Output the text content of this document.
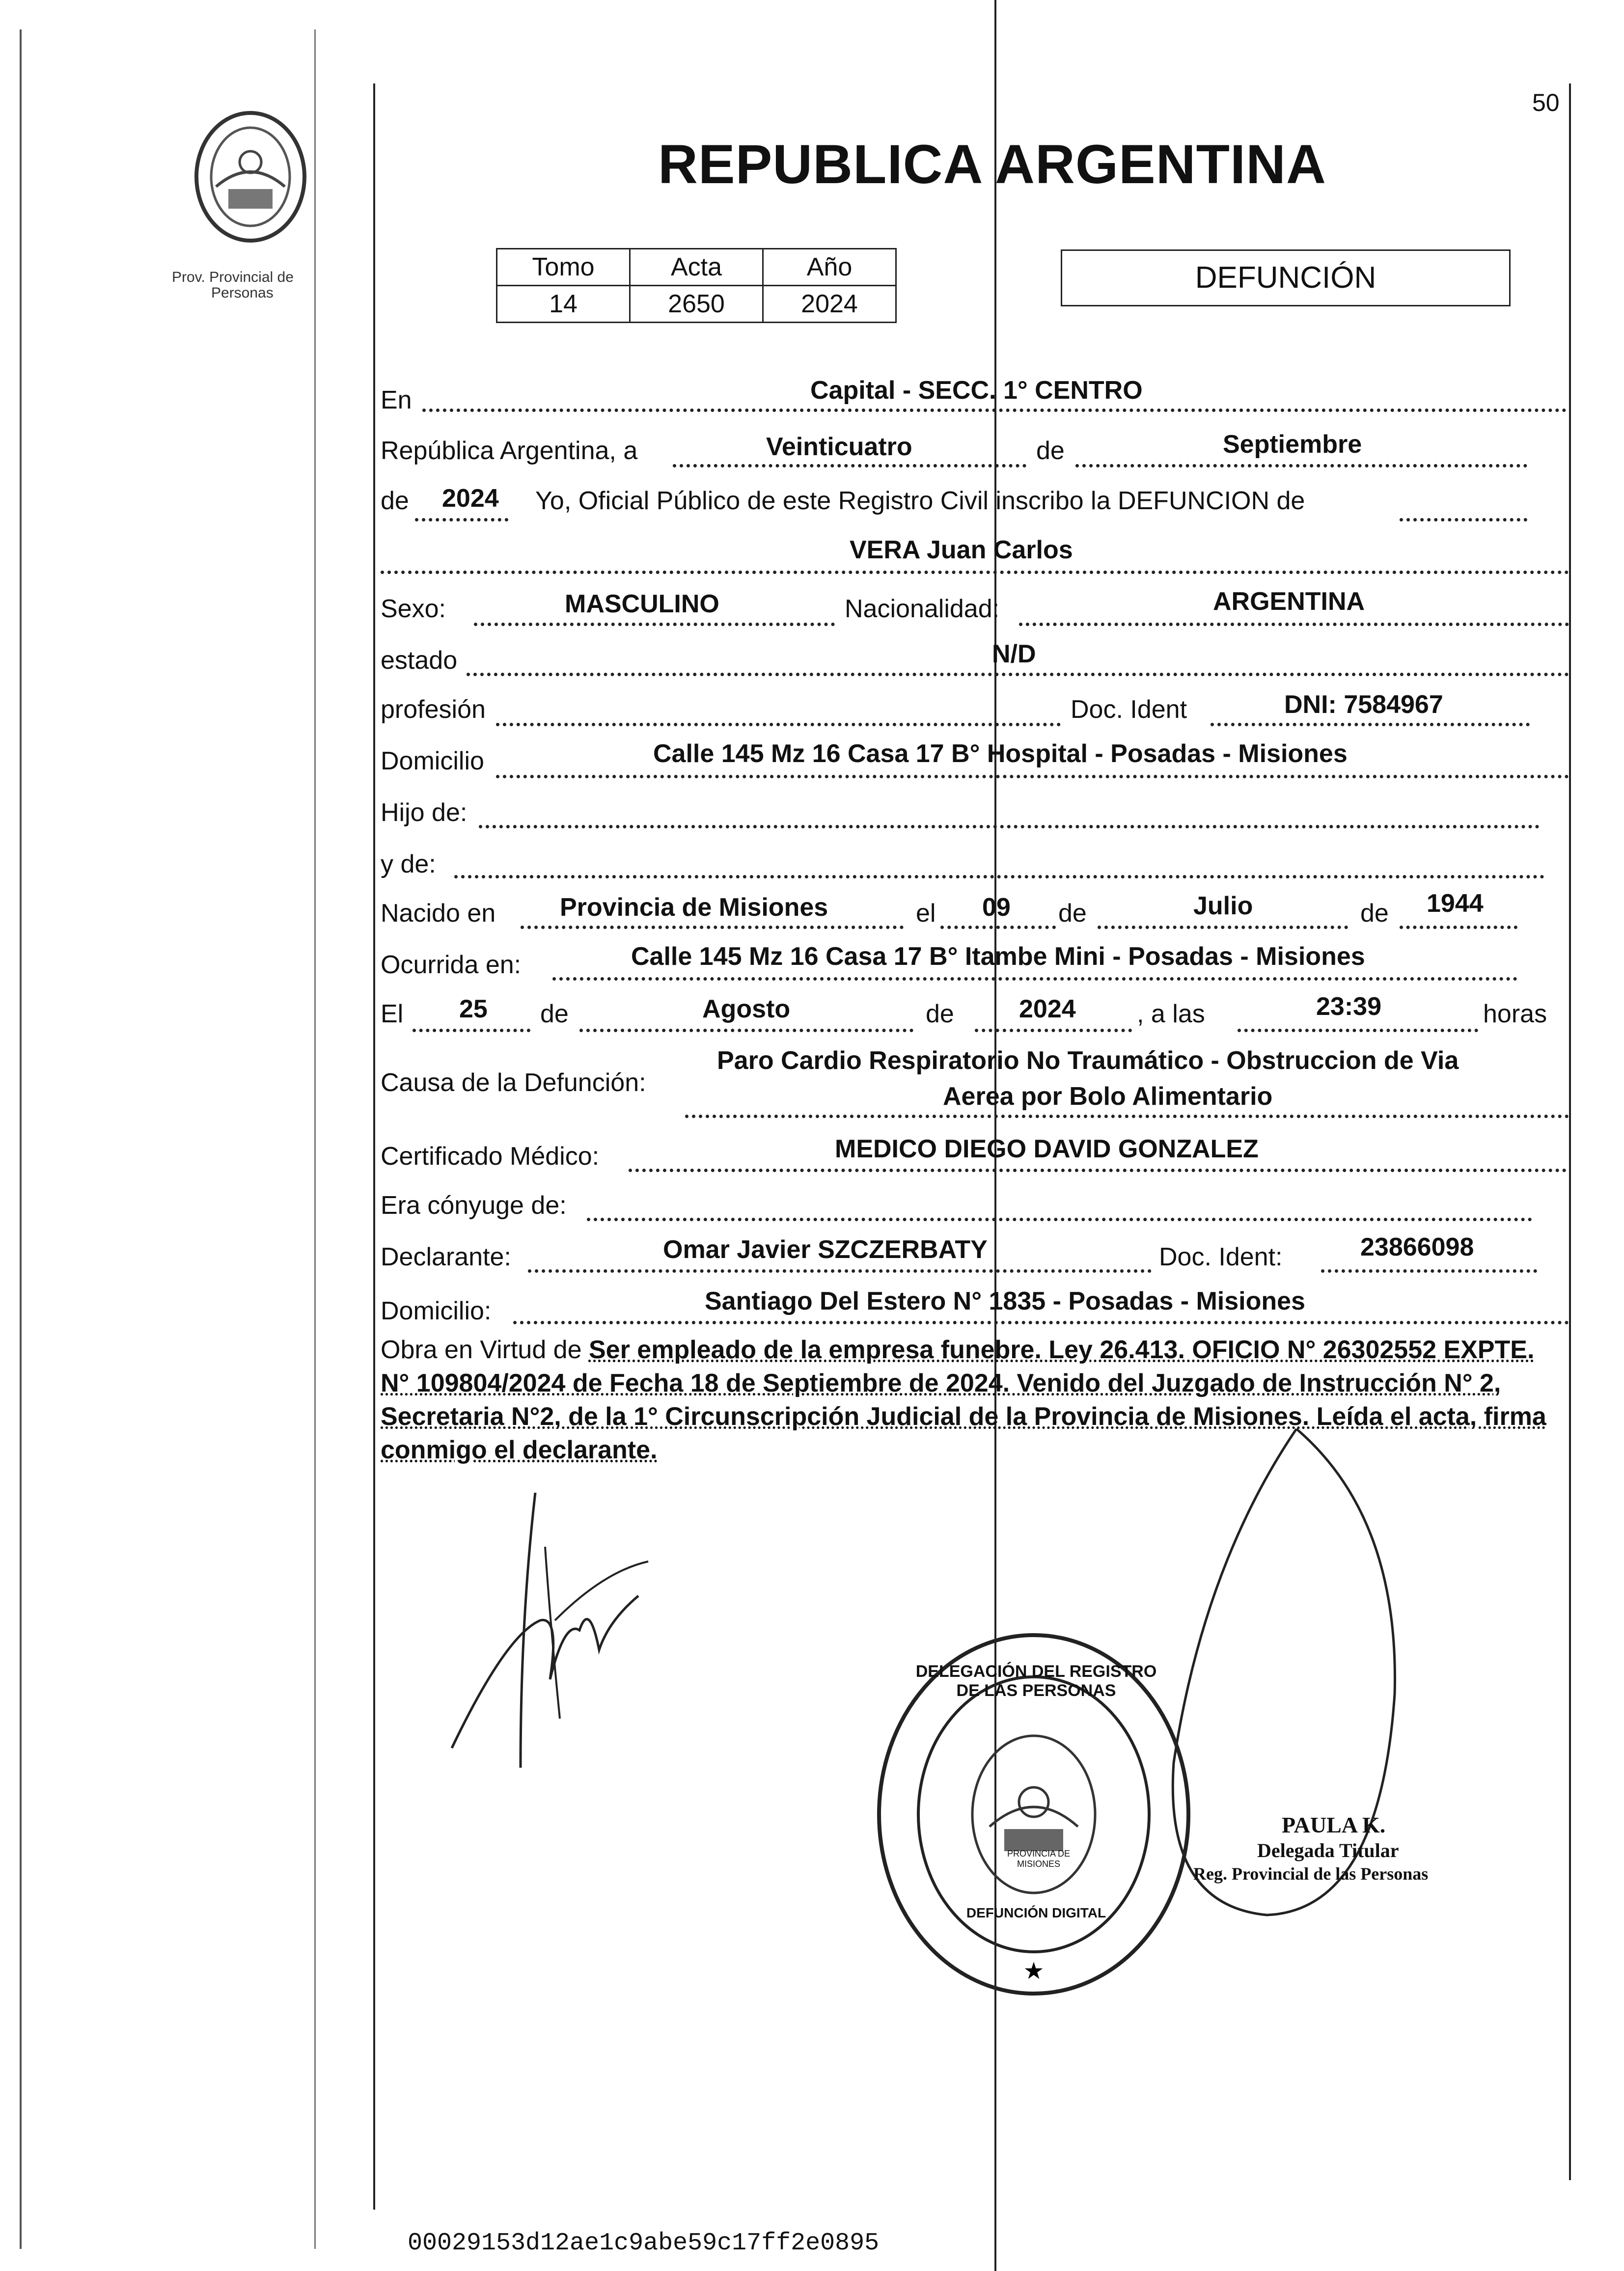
Prov. Provincial de
Personas
50
REPUBLICA ARGENTINA
Tomo	Acta	Año
14	2650	2024
DEFUNCIÓN
En	Capital - SECC. 1° CENTRO
República Argentina, a	Veinticuatro	de	Septiembre
de 2024 Yo, Oficial Público de este Registro Civil inscribo la DEFUNCION de
VERA Juan Carlos
Sexo:	MASCULINO	Nacionalidad:	ARGENTINA
estado	N/D
profesión	Doc. Ident	DNI: 7584967
Domicilio	Calle 145 Mz 16 Casa 17 B° Hospital - Posadas - Misiones
Hijo de:
y de:
Nacido en	Provincia de Misiones	el 09 de	Julio	de 1944
Ocurrida en:	Calle 145 Mz 16 Casa 17 B° Itambe Mini - Posadas - Misiones
El 25 de	Agosto	de	2024 , a las	23:39	horas
Causa de la Defunción:
Paro Cardio Respiratorio No Traumático - Obstruccion de Via
Aerea por Bolo Alimentario
Certificado Médico:	MEDICO DIEGO DAVID GONZALEZ
Era cónyuge de:
Declarante:	Omar Javier SZCZERBATY	Doc. Ident:	23866098
Domicilio:	Santiago Del Estero N° 1835 - Posadas - Misiones
Obra en Virtud de Ser empleado de la empresa funebre. Ley 26.413. OFICIO N° 26302552 EXPTE. N° 109804/2024 de Fecha 18 de Septiembre de 2024. Venido del Juzgado de Instrucción N° 2, Secretaria N°2, de la 1° Circunscripción Judicial de la Provincia de Misiones. Leída el acta, firma conmigo el declarante.
★
DELEGACIÓN DEL REGISTRO DE LAS PERSONAS
DEFUNCIÓN DIGITAL
PROVINCIA DE MISIONES
PAULA K.
Delegada Titular
Reg. Provincial de las Personas
00029153d12ae1c9abe59c17ff2e0895
